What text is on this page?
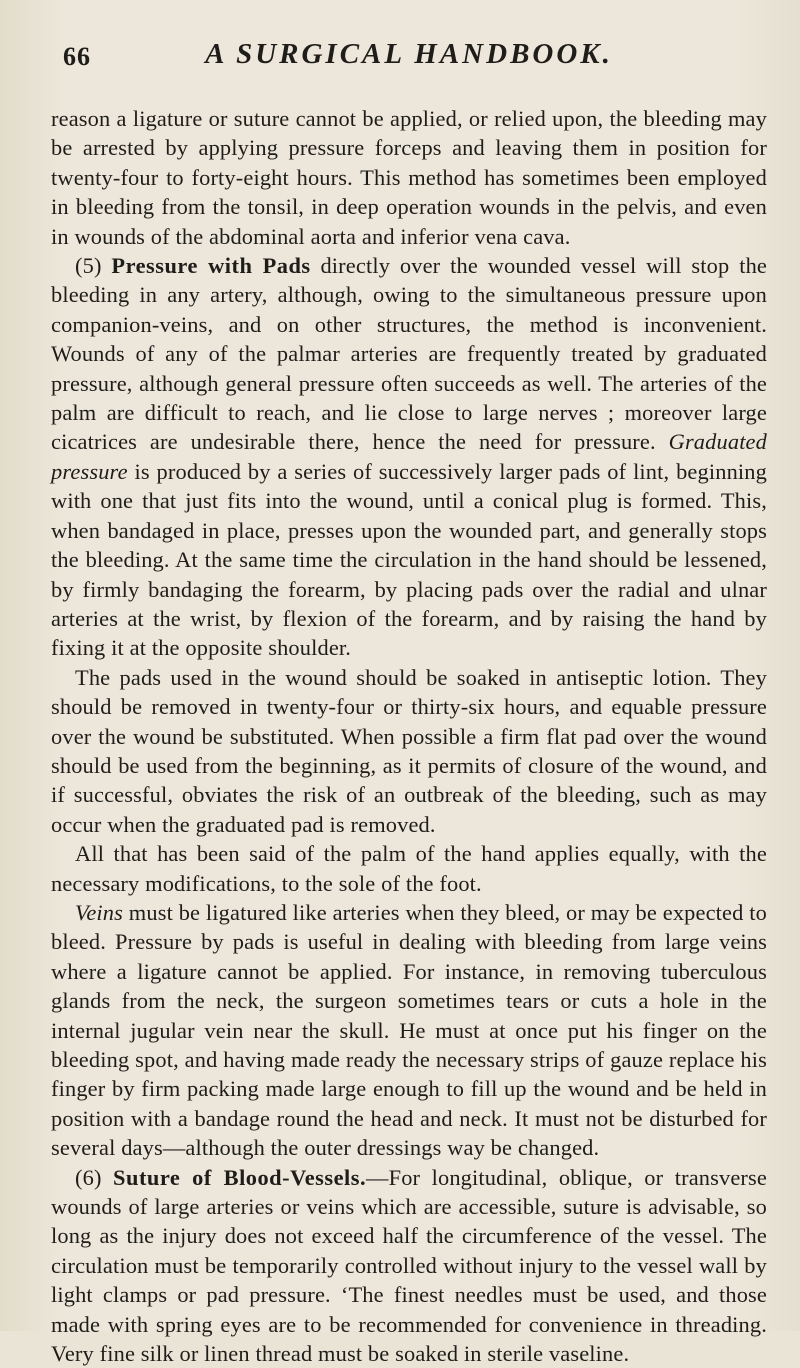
66	A SURGICAL HANDBOOK.

reason a ligature or suture cannot be applied, or relied upon, the bleeding may be arrested by applying pressure forceps and leaving them in position for twenty-four to forty-eight hours. This method has sometimes been employed in bleeding from the tonsil, in deep operation wounds in the pelvis, and even in wounds of the abdominal aorta and inferior vena cava.

(5) Pressure with Pads directly over the wounded vessel will stop the bleeding in any artery, although, owing to the simultaneous pressure upon companion-veins, and on other structures, the method is inconvenient. Wounds of any of the palmar arteries are frequently treated by graduated pressure, although general pressure often succeeds as well. The arteries of the palm are difficult to reach, and lie close to large nerves ; moreover large cicatrices are undesirable there, hence the need for pressure. Graduated pressure is produced by a series of successively larger pads of lint, beginning with one that just fits into the wound, until a conical plug is formed. This, when bandaged in place, presses upon the wounded part, and generally stops the bleeding. At the same time the circulation in the hand should be lessened, by firmly bandaging the forearm, by placing pads over the radial and ulnar arteries at the wrist, by flexion of the forearm, and by raising the hand by fixing it at the opposite shoulder.

The pads used in the wound should be soaked in antiseptic lotion. They should be removed in twenty-four or thirty-six hours, and equable pressure over the wound be substituted. When possible a firm flat pad over the wound should be used from the beginning, as it permits of closure of the wound, and if successful, obviates the risk of an outbreak of the bleeding, such as may occur when the graduated pad is removed.

All that has been said of the palm of the hand applies equally, with the necessary modifications, to the sole of the foot.

Veins must be ligatured like arteries when they bleed, or may be expected to bleed. Pressure by pads is useful in dealing with bleeding from large veins where a ligature cannot be applied. For instance, in removing tuberculous glands from the neck, the surgeon sometimes tears or cuts a hole in the internal jugular vein near the skull. He must at once put his finger on the bleeding spot, and having made ready the necessary strips of gauze replace his finger by firm packing made large enough to fill up the wound and be held in position with a bandage round the head and neck. It must not be disturbed for several days—although the outer dressings way be changed.

(6) Suture of Blood-Vessels.—For longitudinal, oblique, or transverse wounds of large arteries or veins which are accessible, suture is advisable, so long as the injury does not exceed half the circumference of the vessel. The circulation must be temporarily controlled without injury to the vessel wall by light clamps or pad pressure. ‘The finest needles must be used, and those made with spring eyes are to be recommended for convenience in threading. Very fine silk or linen thread must be soaked in sterile vaseline.
